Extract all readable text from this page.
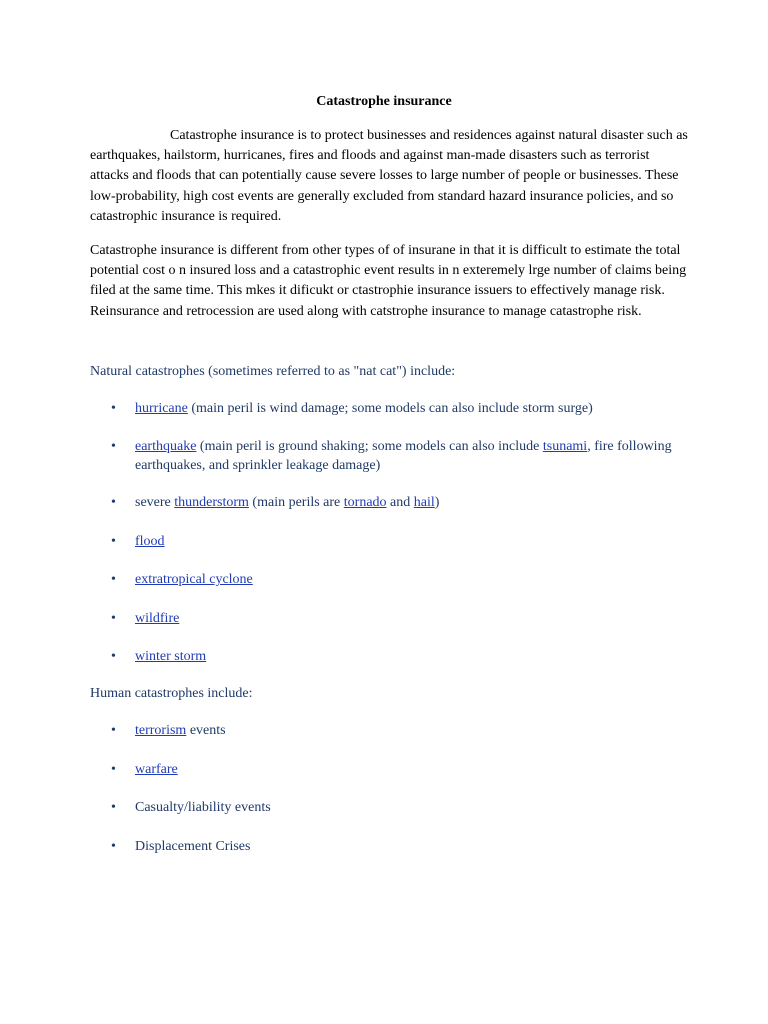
Catastrophe insurance

Catastrophe insurance is to protect businesses and residences against natural disaster such as earthquakes, hailstorm, hurricanes, fires and floods and against man-made disasters such as terrorist attacks and floods that can potentially cause severe losses to large number of people or businesses. These low-probability, high cost events are generally excluded from standard hazard insurance policies, and so catastrophic insurance is required.

Catastrophe insurance is different from other types of of insurane in that it is difficult to estimate the total potential cost o n insured loss and a catastrophic event results in n exteremely lrge number of claims being filed at the same time. This mkes it dificukt or ctastrophie insurance issuers to effectively manage risk. Reinsurance and retrocession are used along with catstrophe insurance to manage catastrophe risk.

Natural catastrophes (sometimes referred to as "nat cat") include:

• hurricane (main peril is wind damage; some models can also include storm surge)
• earthquake (main peril is ground shaking; some models can also include tsunami, fire following earthquakes, and sprinkler leakage damage)
• severe thunderstorm (main perils are tornado and hail)
• flood
• extratropical cyclone
• wildfire
• winter storm

Human catastrophes include:

• terrorism events
• warfare
• Casualty/liability events
• Displacement Crises
